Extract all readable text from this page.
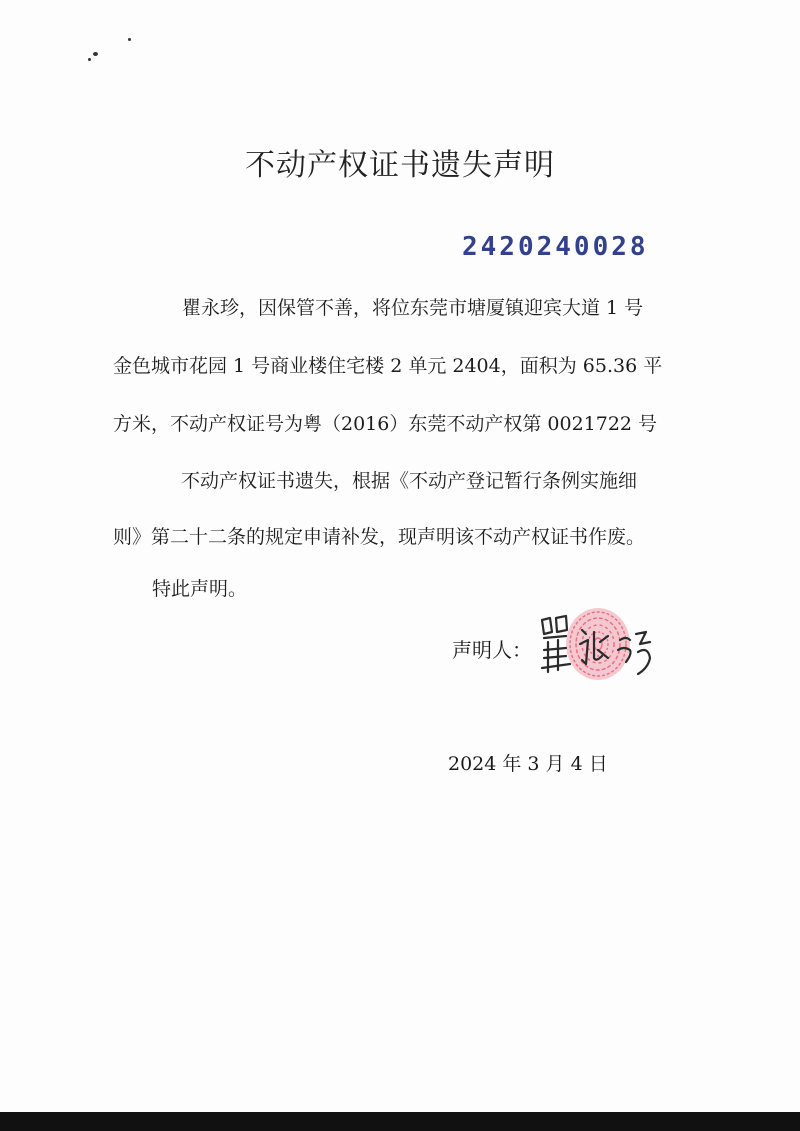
不动产权证书遗失声明
2420240028
瞿永珍，因保管不善，将位东莞市塘厦镇迎宾大道 1 号
金色城市花园 1 号商业楼住宅楼 2 单元 2404，面积为 65.36 平
方米，不动产权证号为粤（2016）东莞不动产权第 0021722 号
不动产权证书遗失，根据《不动产登记暂行条例实施细
则》第二十二条的规定申请补发，现声明该不动产权证书作废。
特此声明。
声明人：
2024 年 3 月 4 日
